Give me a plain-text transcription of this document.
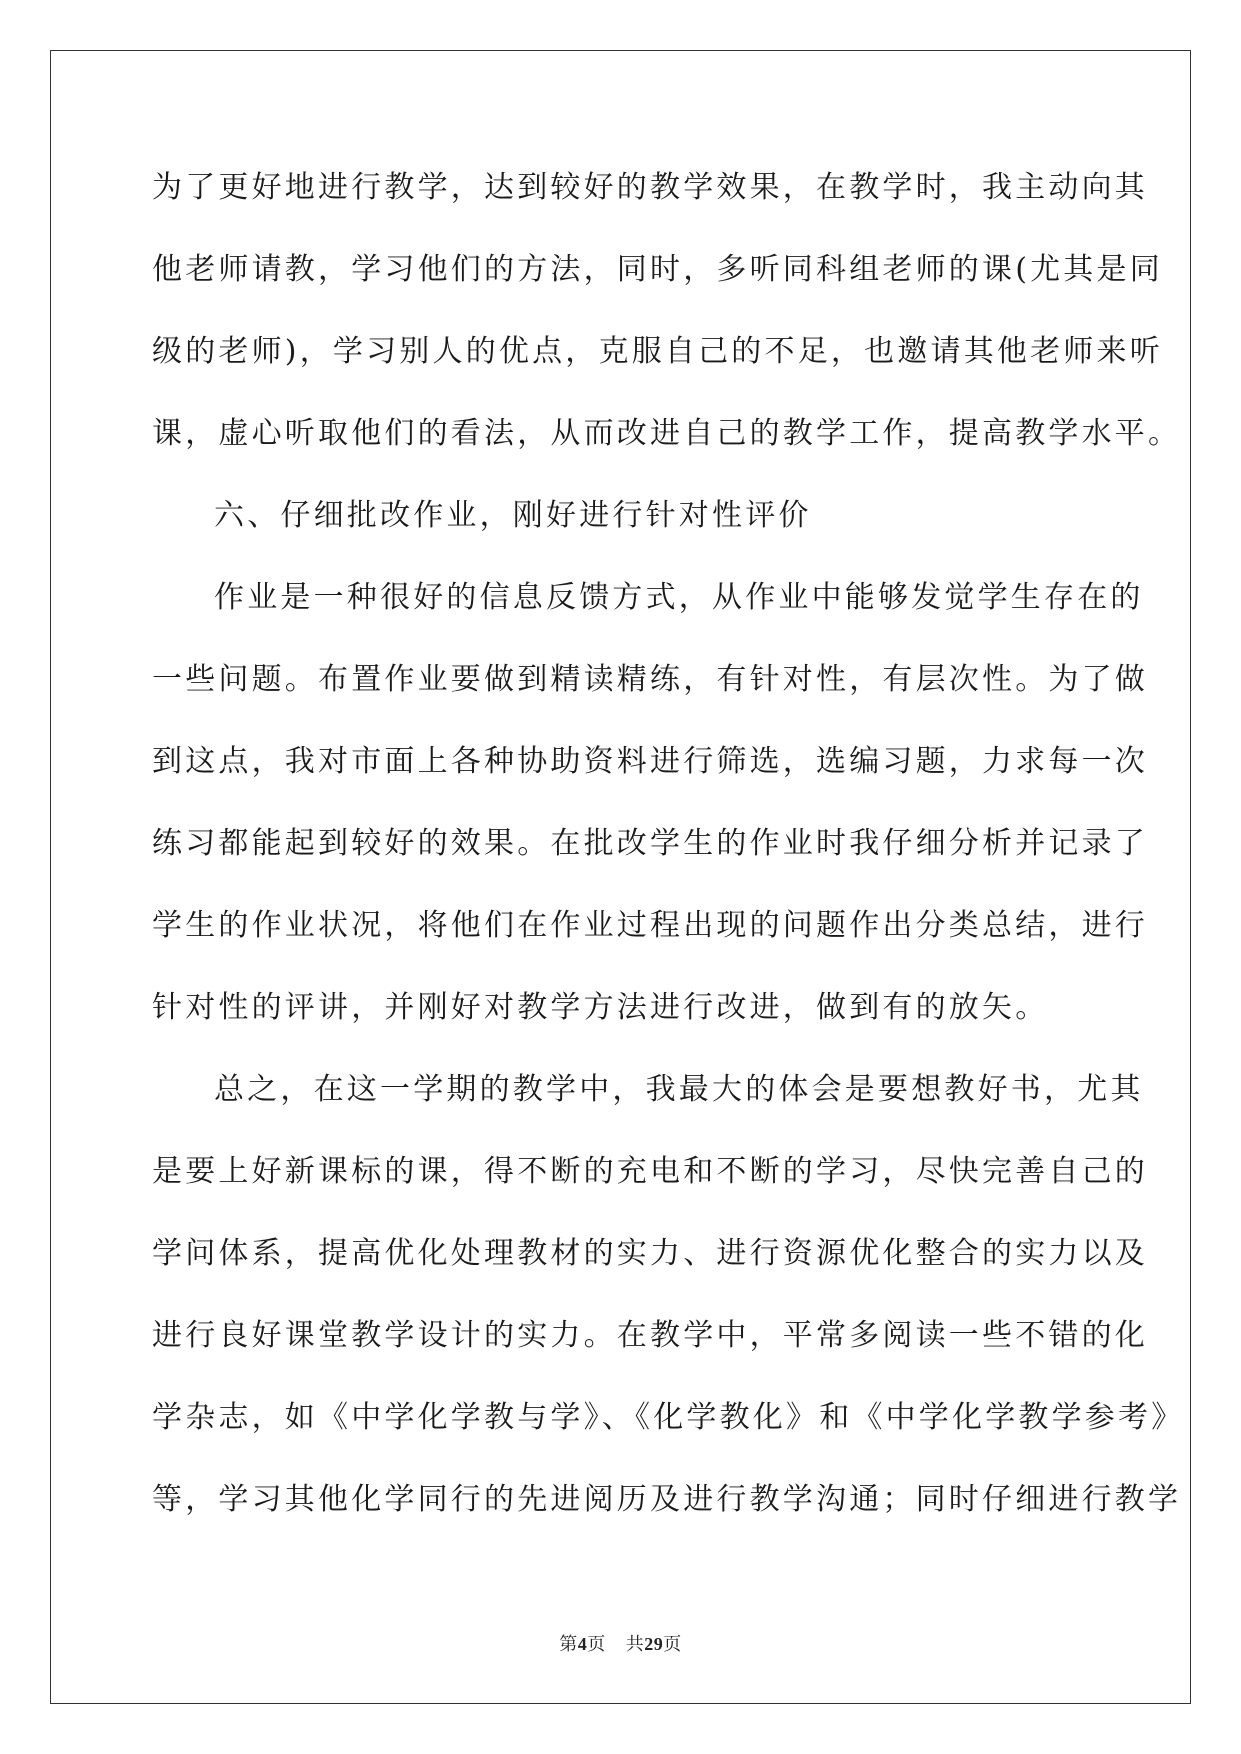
为了更好地进行教学，达到较好的教学效果，在教学时，我主动向其
他老师请教，学习他们的方法，同时，多听同科组老师的课(尤其是同
级的老师)，学习别人的优点，克服自己的不足，也邀请其他老师来听
课，虚心听取他们的看法，从而改进自己的教学工作，提高教学水平。
六、仔细批改作业，刚好进行针对性评价
作业是一种很好的信息反馈方式，从作业中能够发觉学生存在的
一些问题。布置作业要做到精读精练，有针对性，有层次性。为了做
到这点，我对市面上各种协助资料进行筛选，选编习题，力求每一次
练习都能起到较好的效果。在批改学生的作业时我仔细分析并记录了
学生的作业状况，将他们在作业过程出现的问题作出分类总结，进行
针对性的评讲，并刚好对教学方法进行改进，做到有的放矢。
总之，在这一学期的教学中，我最大的体会是要想教好书，尤其
是要上好新课标的课，得不断的充电和不断的学习，尽快完善自己的
学问体系，提高优化处理教材的实力、进行资源优化整合的实力以及
进行良好课堂教学设计的实力。在教学中，平常多阅读一些不错的化
学杂志，如《中学化学教与学》、《化学教化》和《中学化学教学参考》
等，学习其他化学同行的先进阅历及进行教学沟通；同时仔细进行教学
第4页 共29页
